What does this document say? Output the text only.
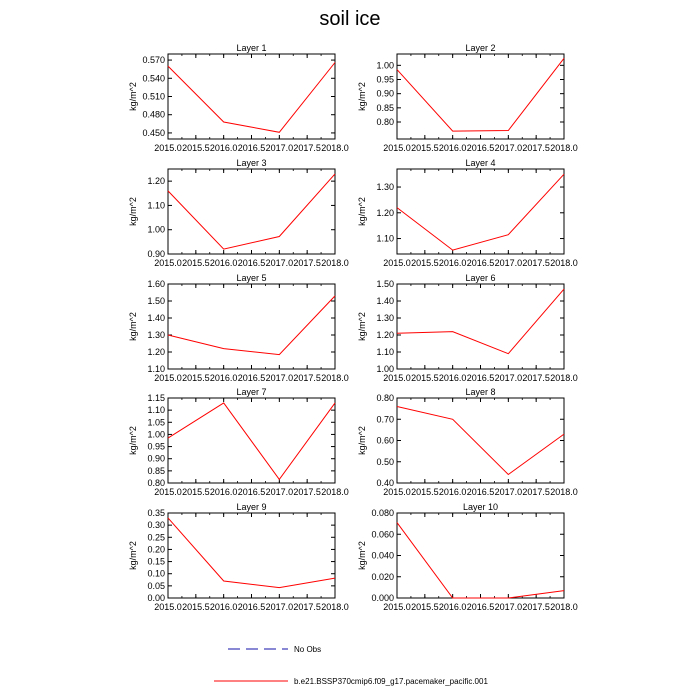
soil ice
Layer 1
2015.0 2015.5 2016.0 2016.5 2017.0 2017.5 2018.0
0.450
0.480
0.510
0.540
0.570
kg/m^2
Layer 2
2015.0 2015.5 2016.0 2016.5 2017.0 2017.5 2018.0
0.80
0.85
0.90
0.95
1.00
kg/m^2
Layer 3
2015.0 2015.5 2016.0 2016.5 2017.0 2017.5 2018.0
0.90
1.00
1.10
1.20
kg/m^2
Layer 4
2015.0 2015.5 2016.0 2016.5 2017.0 2017.5 2018.0
1.10
1.20
1.30
kg/m^2
Layer 5
2015.0 2015.5 2016.0 2016.5 2017.0 2017.5 2018.0
1.10
1.20
1.30
1.40
1.50
1.60
kg/m^2
Layer 6
2015.0 2015.5 2016.0 2016.5 2017.0 2017.5 2018.0
1.00
1.10
1.20
1.30
1.40
1.50
kg/m^2
Layer 7
2015.0 2015.5 2016.0 2016.5 2017.0 2017.5 2018.0
0.80
0.85
0.90
0.95
1.00
1.05
1.10
1.15
kg/m^2
Layer 8
2015.0 2015.5 2016.0 2016.5 2017.0 2017.5 2018.0
0.40
0.50
0.60
0.70
0.80
kg/m^2
Layer 9
2015.0 2015.5 2016.0 2016.5 2017.0 2017.5 2018.0
0.00
0.05
0.10
0.15
0.20
0.25
0.30
0.35
kg/m^2
Layer 10
2015.0 2015.5 2016.0 2016.5 2017.0 2017.5 2018.0
0.000
0.020
0.040
0.060
0.080
kg/m^2
No Obs
b.e21.BSSP370cmip6.f09_g17.pacemaker_pacific.001
